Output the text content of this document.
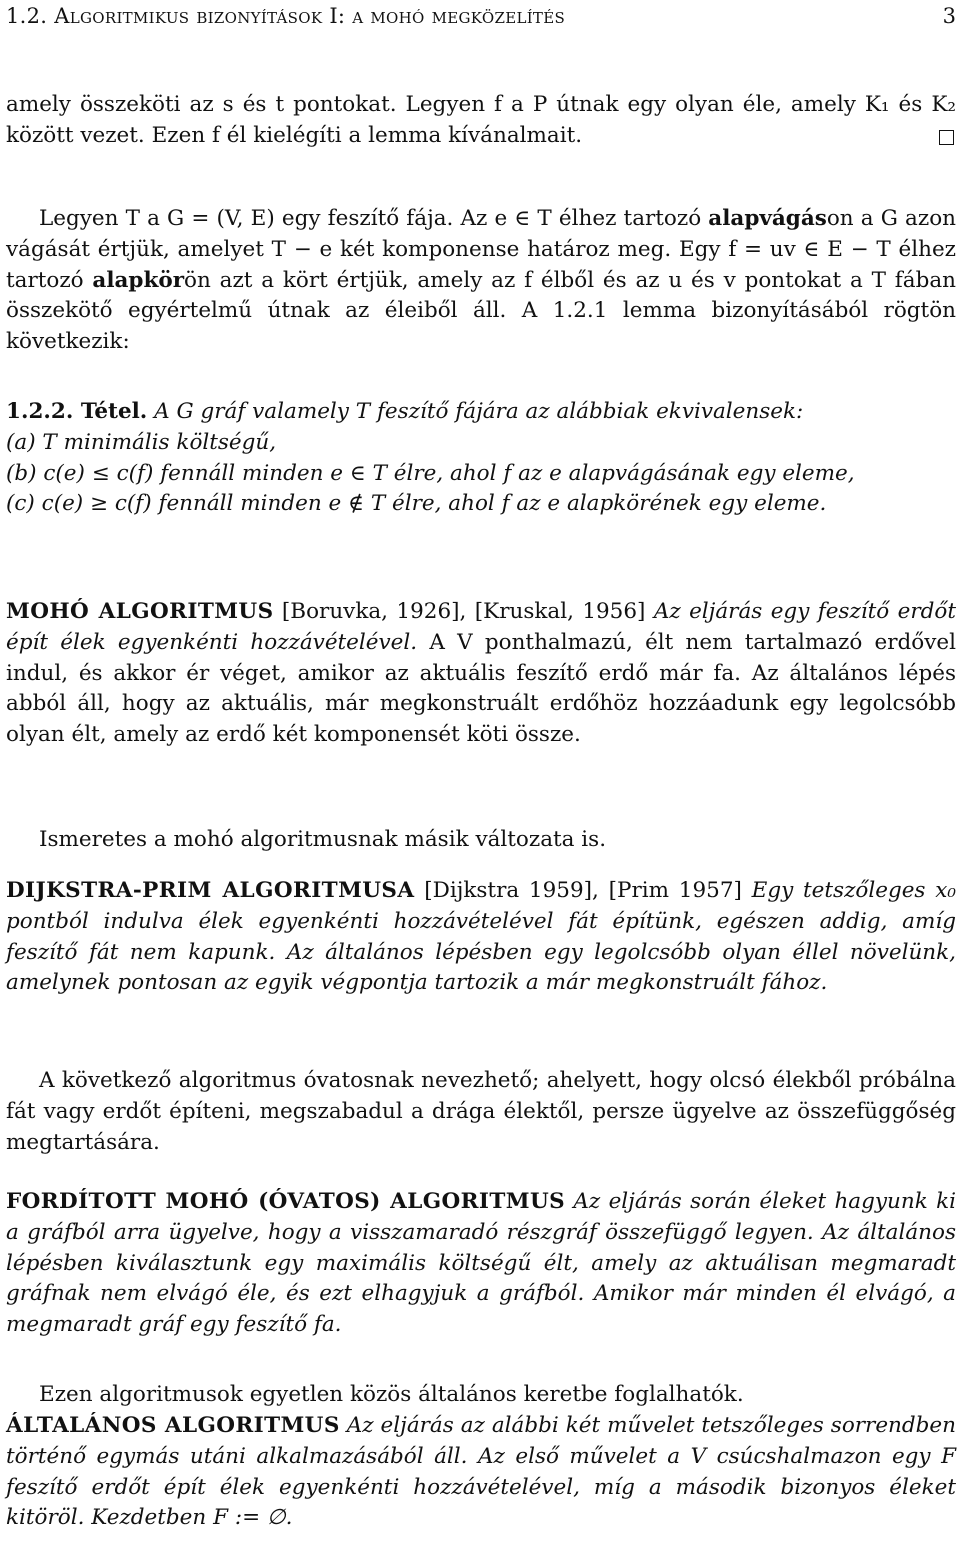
1.2. Algoritmikus bizonyítások I: a mohó megközelítés	3

amely összeköti az s és t pontokat. Legyen f a P útnak egy olyan éle, amely K₁ és K₂ között vezet. Ezen f él kielégíti a lemma kívánalmait.

Legyen T a G = (V, E) egy feszítő fája. Az e ∈ T élhez tartozó alapvágáson a G azon vágását értjük, amelyet T − e két komponense határoz meg. Egy f = uv ∈ E − T élhez tartozó alapkörön azt a kört értjük, amely az f élből és az u és v pontokat a T fában összekötő egyértelmű útnak az éleiből áll. A 1.2.1 lemma bizonyításából rögtön következik:

1.2.2. Tétel. A G gráf valamely T feszítő fájára az alábbiak ekvivalensek:
(a) T minimális költségű,
(b) c(e) ≤ c(f) fennáll minden e ∈ T élre, ahol f az e alapvágásának egy eleme,
(c) c(e) ≥ c(f) fennáll minden e ∉ T élre, ahol f az e alapkörének egy eleme.

MOHÓ ALGORITMUS [Boruvka, 1926], [Kruskal, 1956] Az eljárás egy feszítő erdőt épít élek egyenkénti hozzávételével. A V ponthalmazú, élt nem tartalmazó erdővel indul, és akkor ér véget, amikor az aktuális feszítő erdő már fa. Az általános lépés abból áll, hogy az aktuális, már megkonstruált erdőhöz hozzáadunk egy legolcsóbb olyan élt, amely az erdő két komponensét köti össze.

Ismeretes a mohó algoritmusnak másik változata is.

DIJKSTRA-PRIM ALGORITMUSA [Dijkstra 1959], [Prim 1957] Egy tetszőleges x₀ pontból indulva élek egyenkénti hozzávételével fát építünk, egészen addig, amíg feszítő fát nem kapunk. Az általános lépésben egy legolcsóbb olyan éllel növelünk, amelynek pontosan az egyik végpontja tartozik a már megkonstruált fához.

A következő algoritmus óvatosnak nevezhető; ahelyett, hogy olcsó élekből próbálna fát vagy erdőt építeni, megszabadul a drága élektől, persze ügyelve az összefüggőség megtartására.

FORDÍTOTT MOHÓ (ÓVATOS) ALGORITMUS Az eljárás során éleket hagyunk ki a gráfból arra ügyelve, hogy a visszamaradó részgráf összefüggő legyen. Az általános lépésben kiválasztunk egy maximális költségű élt, amely az aktuálisan megmaradt gráfnak nem elvágó éle, és ezt elhagyjuk a gráfból. Amikor már minden él elvágó, a megmaradt gráf egy feszítő fa.

Ezen algoritmusok egyetlen közös általános keretbe foglalhatók.

ÁLTALÁNOS ALGORITMUS Az eljárás az alábbi két művelet tetszőleges sorrendben történő egymás utáni alkalmazásából áll. Az első művelet a V csúcshalmazon egy F feszítő erdőt épít élek egyenkénti hozzávételével, míg a második bizonyos éleket kitöröl. Kezdetben F := ∅.
